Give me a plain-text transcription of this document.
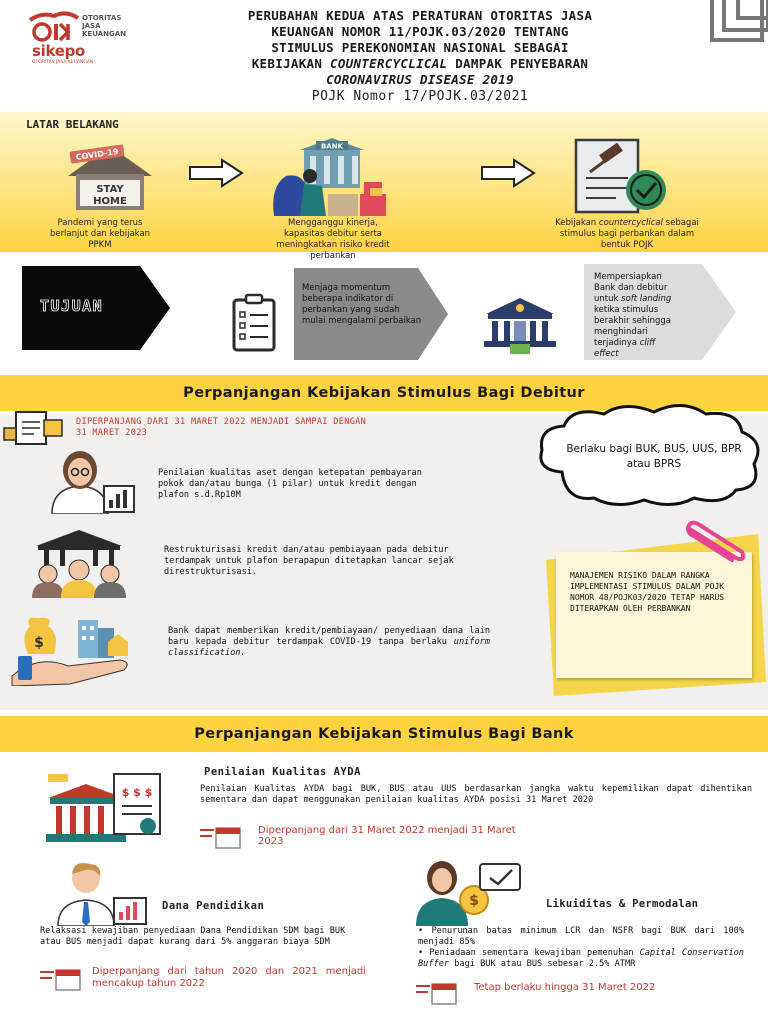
OTORITAS
JASA
KEUANGAN
sikepo
OTORITAS JASA KEUANGAN
PERUBAHAN KEDUA ATAS PERATURAN OTORITAS JASA
KEUANGAN NOMOR 11/POJK.03/2020 TENTANG
STIMULUS PEREKONOMIAN NASIONAL SEBAGAI
KEBIJAKAN COUNTERCYCLICAL DAMPAK PENYEBARAN
CORONAVIRUS DISEASE 2019
POJK Nomor 17/POJK.03/2021
LATAR BELAKANG
COVID-19
STAY
HOME
BANK
Pandemi yang terus berlanjut dan kebijakan PPKM
Mengganggu kinerja, kapasitas debitur serta meningkatkan risiko kredit perbankan
Kebijakan countercyclical sebagai stimulus bagi perbankan dalam bentuk POJK
TUJUAN
Menjaga momentum beberapa indikator di perbankan yang sudah mulai mengalami perbaikan
Mempersiapkan Bank dan debitur untuk soft landing ketika stimulus berakhir sehingga menghindari terjadinya cliff effect
Perpanjangan Kebijakan Stimulus Bagi Debitur
DIPERPANJANG DARI 31 MARET 2022 MENJADI SAMPAI DENGAN 31 MARET 2023
Penilaian kualitas aset dengan ketepatan pembayaran pokok dan/atau bunga (1 pilar) untuk kredit dengan plafon s.d.Rp10M
Restrukturisasi kredit dan/atau pembiayaan pada debitur terdampak untuk plafon berapapun ditetapkan lancar sejak direstrukturisasi.
$
Bank dapat memberikan kredit/pembiayaan/ penyediaan dana lain baru kepada debitur terdampak COVID-19 tanpa berlaku uniform classification.
Berlaku bagi BUK, BUS, UUS, BPR atau BPRS
MANAJEMEN RISIKO DALAM RANGKA IMPLEMENTASI STIMULUS DALAM POJK NOMOR 48/POJK03/2020 TETAP HARUS DITERAPKAN OLEH PERBANKAN
Perpanjangan Kebijakan Stimulus Bagi Bank
$ $ $
Penilaian Kualitas AYDA
Penilaian Kualitas AYDA bagi BUK, BUS atau UUS berdasarkan jangka waktu kepemilikan dapat dihentikan sementara dan dapat menggunakan penilaian kualitas AYDA posisi 31 Maret 2020
Diperpanjang dari 31 Maret 2022 menjadi 31 Maret 2023
Dana Pendidikan
Relaksasi kewajiban penyediaan Dana Pendidikan SDM bagi BUK atau BUS menjadi dapat kurang dari 5% anggaran biaya SDM
Diperpanjang dari tahun 2020 dan 2021 menjadi mencakup tahun 2022
$	Likuiditas & Permodalan
• Penurunan batas minimum LCR dan NSFR bagi BUK dari 100% menjadi 85%
• Peniadaan sementara kewajiban pemenuhan Capital Conservation Buffer bagi BUK atau BUS sebesar 2.5% ATMR
Tetap berlaku hingga 31 Maret 2022
